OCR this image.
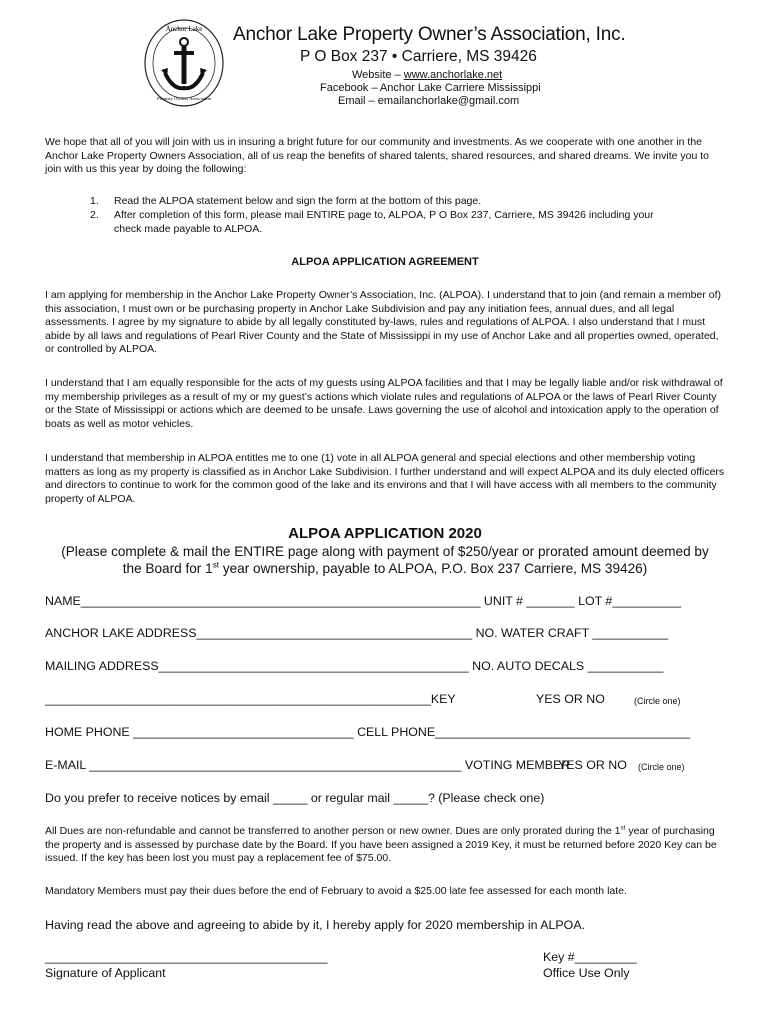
Anchor Lake
Property Owners Association
Anchor Lake Property Owner’s Association, Inc.
P O Box 237 • Carriere, MS 39426
Website – www.anchorlake.net
Facebook – Anchor Lake Carriere Mississippi
Email – emailanchorlake@gmail.com
We hope that all of you will join with us in insuring a bright future for our community and investments. As we cooperate with one another in the Anchor Lake Property Owners Association, all of us reap the benefits of shared talents, shared resources, and shared dreams. We invite you to join with us this year by doing the following:
1. Read the ALPOA statement below and sign the form at the bottom of this page.
2. After completion of this form, please mail ENTIRE page to, ALPOA, P O Box 237, Carriere, MS 39426 including your
check made payable to ALPOA.
ALPOA APPLICATION AGREEMENT
I am applying for membership in the Anchor Lake Property Owner’s Association, Inc. (ALPOA). I understand that to join (and remain a member of) this association, I must own or be purchasing property in Anchor Lake Subdivision and pay any initiation fees, annual dues, and all legal assessments. I agree by my signature to abide by all legally constituted by-laws, rules and regulations of ALPOA. I also understand that I must abide by all laws and regulations of Pearl River County and the State of Mississippi in my use of Anchor Lake and all properties owned, operated, or controlled by ALPOA.
I understand that I am equally responsible for the acts of my guests using ALPOA facilities and that I may be legally liable and/or risk withdrawal of my membership privileges as a result of my or my guest’s actions which violate rules and regulations of ALPOA or the laws of Pearl River County or the State of Mississippi or actions which are deemed to be unsafe. Laws governing the use of alcohol and intoxication apply to the operation of boats as well as motor vehicles.
I understand that membership in ALPOA entitles me to one (1) vote in all ALPOA general and special elections and other membership voting matters as long as my property is classified as in Anchor Lake Subdivision. I further understand and will expect ALPOA and its duly elected officers and directors to continue to work for the common good of the lake and its environs and that I will have access with all members to the community property of ALPOA.
ALPOA APPLICATION 2020
(Please complete & mail the ENTIRE page along with payment of $250/year or prorated amount deemed by
the Board for 1st year ownership, payable to ALPOA, P.O. Box 237 Carriere, MS 39426)
NAME__________________________________________________________ UNIT # _______ LOT #__________
ANCHOR LAKE ADDRESS________________________________________ NO. WATER CRAFT ___________
MAILING ADDRESS_____________________________________________ NO. AUTO DECALS ___________
________________________________________________________KEY	YES OR NO	(Circle one)
HOME PHONE ________________________________ CELL PHONE_____________________________________
E-MAIL ______________________________________________________ VOTING MEMBER
YES OR NO (Circle one)
Do you prefer to receive notices by email _____ or regular mail _____? (Please check one)
All Dues are non-refundable and cannot be transferred to another person or new owner. Dues are only prorated during the 1st year of purchasing the property and is assessed by purchase date by the Board. If you have been assigned a 2019 Key, it must be returned before 2020 Key can be issued. If the key has been lost you must pay a replacement fee of $75.00.
Mandatory Members must pay their dues before the end of February to avoid a $25.00 late fee assessed for each month late.
Having read the above and agreeing to abide by it, I hereby apply for 2020 membership in ALPOA.
_________________________________________
Signature of Applicant
Key #_________
Office Use Only
